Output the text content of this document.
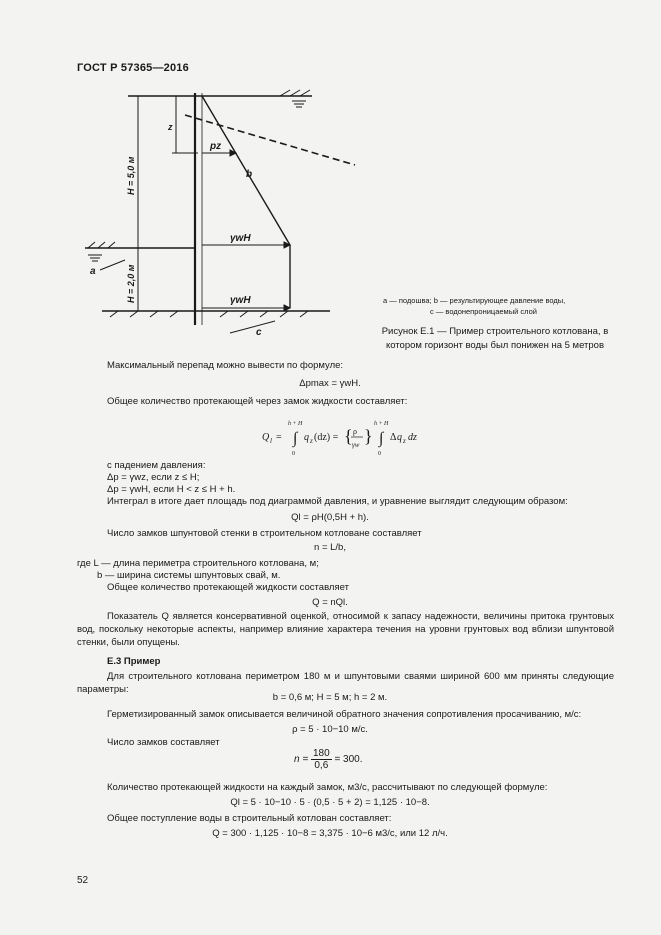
ГОСТ Р 57365—2016
H = 5,0 м
H = 2,0 м
z
pz
b
γwH
γwH
a
c
a — подошва; b — результирующее давление воды,
c — водонепроницаемый слой
Рисунок Е.1 — Пример строительного котлована, в
котором горизонт воды был понижен на 5 метров
Максимальный перепад можно вывести по формуле:
Δpmax = γwH.
Общее количество протекающей через замок жидкости составляет:
Q l =
h + H
∫
0
q z (dz) = { ρ
γw }
h + H
∫
0
Δ q z dz
с падением давления:
Δp = γwz, если z ≤ H;
Δp = γwH, если H < z ≤ H + h.
Интеграл в итоге дает площадь под диаграммой давления, и уравнение выглядит следующим образом:
Ql = ρH(0,5H + h).
Число замков шпунтовой стенки в строительном котловане составляет
n = L/b,
где L — длина периметра строительного котлована, м;
b — ширина системы шпунтовых свай, м.
Общее количество протекающей жидкости составляет
Q = nQl.
Показатель Q является консервативной оценкой, относимой к запасу надежности, величины притока грунтовых вод, поскольку некоторые аспекты, например влияние характера течения на уровни грунтовых вод вблизи шпунтовой стенки, были опущены.
Е.3 Пример
Для строительного котлована периметром 180 м и шпунтовыми сваями шириной 600 мм приняты следующие параметры:
b = 0,6 м; H = 5 м; h = 2 м.
Герметизированный замок описывается величиной обратного значения сопротивления просачиванию, м/с:
ρ = 5 · 10−10 м/с.
Число замков составляет
$n = \frac{180}{0,6} = 300$.
Количество протекающей жидкости на каждый замок, м3/с, рассчитывают по следующей формуле:
Ql = 5 · 10−10 · 5 · (0,5 · 5 + 2) = 1,125 · 10−8.
Общее поступление воды в строительный котлован составляет:
Q = 300 · 1,125 · 10−8 = 3,375 · 10−6 м3/с, или 12 л/ч.
52
